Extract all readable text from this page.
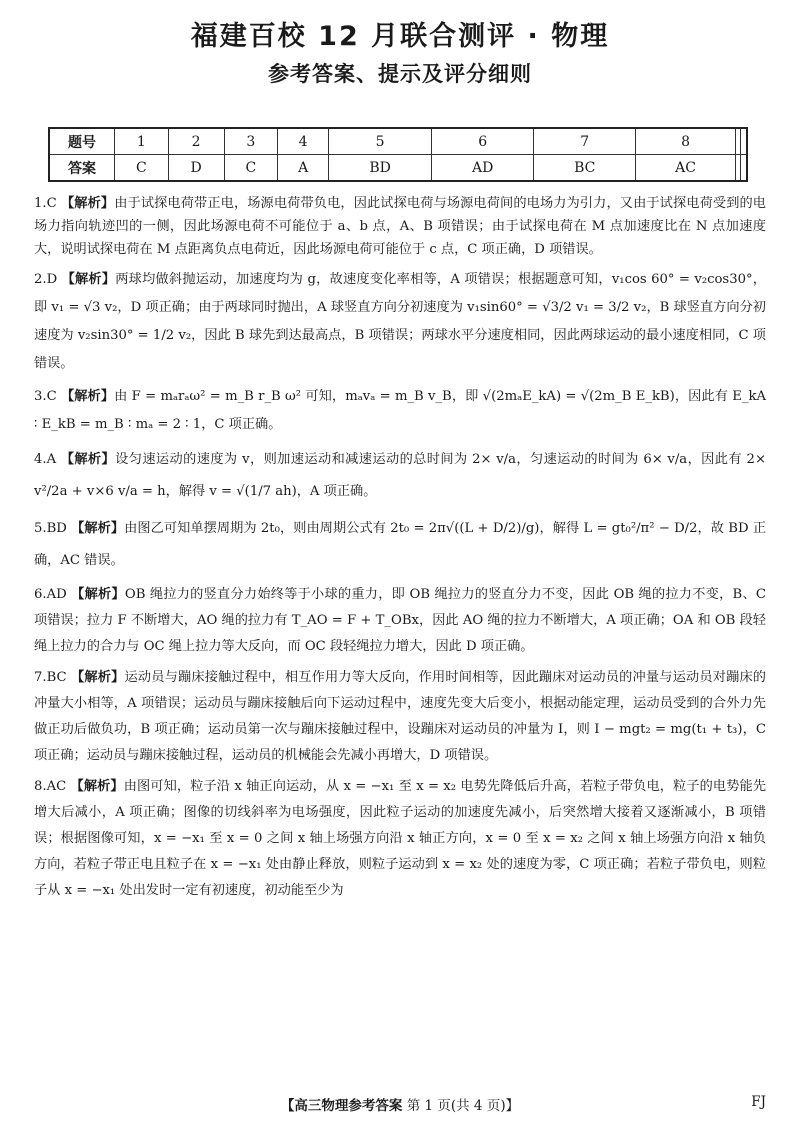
福建百校 12 月联合测评 · 物理
参考答案、提示及评分细则
题号	1	2	3	4	5	6	7	8		
答案	C	D	C	A	BD	AD	BC	AC		

1.C 【解析】由于试探电荷带正电，场源电荷带负电，因此试探电荷与场源电荷间的电场力为引力，又由于试探电荷受到的电场力指向轨迹凹的一侧，因此场源电荷不可能位于 a、b 点，A、B 项错误；由于试探电荷在 M 点加速度比在 N 点加速度大，说明试探电荷在 M 点距离负点电荷近，因此场源电荷可能位于 c 点，C 项正确，D 项错误。

2.D 【解析】两球均做斜抛运动，加速度均为 g，故速度变化率相等，A 项错误；根据题意可知，v₁cos 60° = v₂cos30°，即 v₁ = √3 v₂，D 项正确；由于两球同时抛出，A 球竖直方向分初速度为 v₁sin60° = √3/2 v₁ = 3/2 v₂，B 球竖直方向分初速度为 v₂sin30° = 1/2 v₂，因此 B 球先到达最高点，B 项错误；两球水平分速度相同，因此两球运动的最小速度相同，C 项错误。

3.C 【解析】由 F = mₐrₐω² = m_B r_B ω² 可知，mₐvₐ = m_B v_B，即 √(2mₐE_kA) = √(2m_B E_kB)，因此有 E_kA ∶ E_kB = m_B ∶ mₐ = 2 ∶ 1，C 项正确。

4.A 【解析】设匀速运动的速度为 v，则加速运动和减速运动的总时间为 2× v/a，匀速运动的时间为 6× v/a，因此有 2× v²/2a + v×6 v/a = h，解得 v = √(1/7 ah)，A 项正确。

5.BD 【解析】由图乙可知单摆周期为 2t₀，则由周期公式有 2t₀ = 2π√((L + D/2)/g)，解得 L = gt₀²/π² − D/2，故 BD 正确，AC 错误。

6.AD 【解析】OB 绳拉力的竖直分力始终等于小球的重力，即 OB 绳拉力的竖直分力不变，因此 OB 绳的拉力不变，B、C 项错误；拉力 F 不断增大，AO 绳的拉力有 T_AO = F + T_OBx，因此 AO 绳的拉力不断增大，A 项正确；OA 和 OB 段轻绳上拉力的合力与 OC 绳上拉力等大反向，而 OC 段轻绳拉力增大，因此 D 项正确。

7.BC 【解析】运动员与蹦床接触过程中，相互作用力等大反向，作用时间相等，因此蹦床对运动员的冲量与运动员对蹦床的冲量大小相等，A 项错误；运动员与蹦床接触后向下运动过程中，速度先变大后变小，根据动能定理，运动员受到的合外力先做正功后做负功，B 项正确；运动员第一次与蹦床接触过程中，设蹦床对运动员的冲量为 I，则 I − mgt₂ = mg(t₁ + t₃)，C 项正确；运动员与蹦床接触过程，运动员的机械能会先减小再增大，D 项错误。

8.AC 【解析】由图可知，粒子沿 x 轴正向运动，从 x = −x₁ 至 x = x₂ 电势先降低后升高，若粒子带负电，粒子的电势能先增大后减小，A 项正确；图像的切线斜率为电场强度，因此粒子运动的加速度先减小，后突然增大接着又逐渐减小，B 项错误；根据图像可知，x = −x₁ 至 x = 0 之间 x 轴上场强方向沿 x 轴正方向，x = 0 至 x = x₂ 之间 x 轴上场强方向沿 x 轴负方向，若粒子带正电且粒子在 x = −x₁ 处由静止释放，则粒子运动到 x = x₂ 处的速度为零，C 项正确；若粒子带负电，则粒子从 x = −x₁ 处出发时一定有初速度，初动能至少为

【高三物理参考答案 第 1 页(共 4 页)】	FJ
